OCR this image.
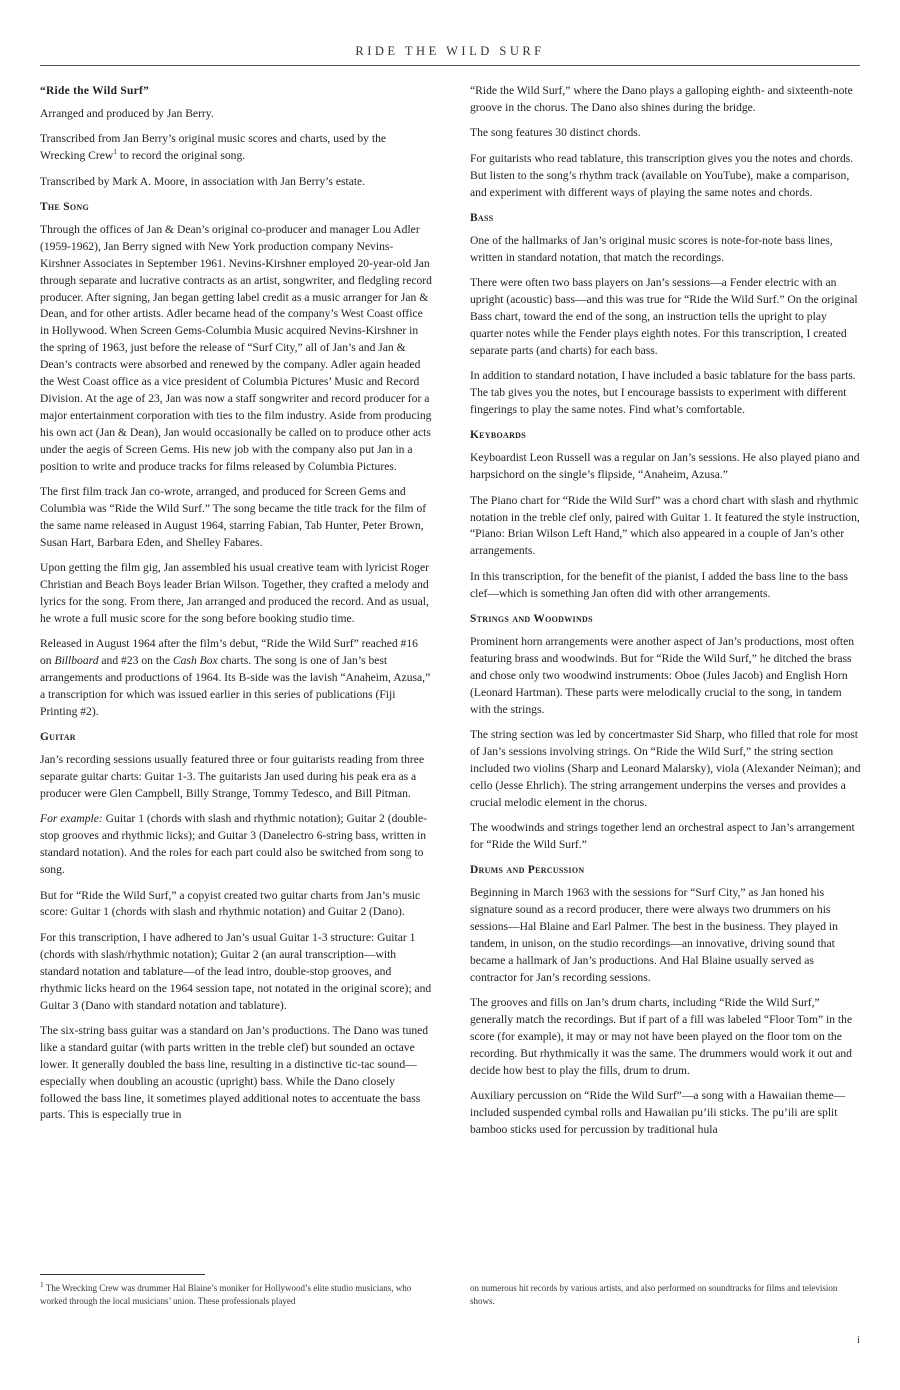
RIDE THE WILD SURF
“Ride the Wild Surf”

Arranged and produced by Jan Berry.

Transcribed from Jan Berry’s original music scores and charts, used by the Wrecking Crew$^1$ to record the original song.

Transcribed by Mark A. Moore, in association with Jan Berry’s estate.

The Song

Through the offices of Jan & Dean’s original co-producer and manager Lou Adler (1959-1962), Jan Berry signed with New York production company Nevins-Kirshner Associates in September 1961. Nevins-Kirshner employed 20-year-old Jan through separate and lucrative contracts as an artist, songwriter, and fledgling record producer. After signing, Jan began getting label credit as a music arranger for Jan & Dean, and for other artists. Adler became head of the company’s West Coast office in Hollywood. When Screen Gems-Columbia Music acquired Nevins-Kirshner in the spring of 1963, just before the release of “Surf City,” all of Jan’s and Jan & Dean’s contracts were absorbed and renewed by the company. Adler again headed the West Coast office as a vice president of Columbia Pictures’ Music and Record Division. At the age of 23, Jan was now a staff songwriter and record producer for a major entertainment corporation with ties to the film industry. Aside from producing his own act (Jan & Dean), Jan would occasionally be called on to produce other acts under the aegis of Screen Gems. His new job with the company also put Jan in a position to write and produce tracks for films released by Columbia Pictures.

The first film track Jan co-wrote, arranged, and produced for Screen Gems and Columbia was “Ride the Wild Surf.” The song became the title track for the film of the same name released in August 1964, starring Fabian, Tab Hunter, Peter Brown, Susan Hart, Barbara Eden, and Shelley Fabares.

Upon getting the film gig, Jan assembled his usual creative team with lyricist Roger Christian and Beach Boys leader Brian Wilson. Together, they crafted a melody and lyrics for the song. From there, Jan arranged and produced the record. And as usual, he wrote a full music score for the song before booking studio time.

Released in August 1964 after the film’s debut, “Ride the Wild Surf” reached #16 on Billboard and #23 on the Cash Box charts. The song is one of Jan’s best arrangements and productions of 1964. Its B-side was the lavish “Anaheim, Azusa,” a transcription for which was issued earlier in this series of publications (Fiji Printing #2).

Guitar

Jan’s recording sessions usually featured three or four guitarists reading from three separate guitar charts: Guitar 1-3. The guitarists Jan used during his peak era as a producer were Glen Campbell, Billy Strange, Tommy Tedesco, and Bill Pitman.

For example: Guitar 1 (chords with slash and rhythmic notation); Guitar 2 (double-stop grooves and rhythmic licks); and Guitar 3 (Danelectro 6-string bass, written in standard notation). And the roles for each part could also be switched from song to song.

But for “Ride the Wild Surf,” a copyist created two guitar charts from Jan’s music score: Guitar 1 (chords with slash and rhythmic notation) and Guitar 2 (Dano).

For this transcription, I have adhered to Jan’s usual Guitar 1-3 structure: Guitar 1 (chords with slash/rhythmic notation); Guitar 2 (an aural transcription—with standard notation and tablature—of the lead intro, double-stop grooves, and rhythmic licks heard on the 1964 session tape, not notated in the original score); and Guitar 3 (Dano with standard notation and tablature).

The six-string bass guitar was a standard on Jan’s productions. The Dano was tuned like a standard guitar (with parts written in the treble clef) but sounded an octave lower. It generally doubled the bass line, resulting in a distinctive tic-tac sound—especially when doubling an acoustic (upright) bass. While the Dano closely followed the bass line, it sometimes played additional notes to accentuate the bass parts. This is especially true in

“Ride the Wild Surf,” where the Dano plays a galloping eighth- and sixteenth-note groove in the chorus. The Dano also shines during the bridge.

The song features 30 distinct chords.

For guitarists who read tablature, this transcription gives you the notes and chords. But listen to the song’s rhythm track (available on YouTube), make a comparison, and experiment with different ways of playing the same notes and chords.

Bass

One of the hallmarks of Jan’s original music scores is note-for-note bass lines, written in standard notation, that match the recordings.

There were often two bass players on Jan’s sessions—a Fender electric with an upright (acoustic) bass—and this was true for “Ride the Wild Surf.” On the original Bass chart, toward the end of the song, an instruction tells the upright to play quarter notes while the Fender plays eighth notes. For this transcription, I created separate parts (and charts) for each bass.

In addition to standard notation, I have included a basic tablature for the bass parts. The tab gives you the notes, but I encourage bassists to experiment with different fingerings to play the same notes. Find what’s comfortable.

Keyboards

Keyboardist Leon Russell was a regular on Jan’s sessions. He also played piano and harpsichord on the single’s flipside, “Anaheim, Azusa.”

The Piano chart for “Ride the Wild Surf” was a chord chart with slash and rhythmic notation in the treble clef only, paired with Guitar 1. It featured the style instruction, “Piano: Brian Wilson Left Hand,” which also appeared in a couple of Jan’s other arrangements.

In this transcription, for the benefit of the pianist, I added the bass line to the bass clef—which is something Jan often did with other arrangements.

Strings and Woodwinds

Prominent horn arrangements were another aspect of Jan’s productions, most often featuring brass and woodwinds. But for “Ride the Wild Surf,” he ditched the brass and chose only two woodwind instruments: Oboe (Jules Jacob) and English Horn (Leonard Hartman). These parts were melodically crucial to the song, in tandem with the strings.

The string section was led by concertmaster Sid Sharp, who filled that role for most of Jan’s sessions involving strings. On “Ride the Wild Surf,” the string section included two violins (Sharp and Leonard Malarsky), viola (Alexander Neiman); and cello (Jesse Ehrlich). The string arrangement underpins the verses and provides a crucial melodic element in the chorus.

The woodwinds and strings together lend an orchestral aspect to Jan’s arrangement for “Ride the Wild Surf.”

Drums and Percussion

Beginning in March 1963 with the sessions for “Surf City,” as Jan honed his signature sound as a record producer, there were always two drummers on his sessions—Hal Blaine and Earl Palmer. The best in the business. They played in tandem, in unison, on the studio recordings—an innovative, driving sound that became a hallmark of Jan’s productions. And Hal Blaine usually served as contractor for Jan’s recording sessions.

The grooves and fills on Jan’s drum charts, including “Ride the Wild Surf,” generally match the recordings. But if part of a fill was labeled “Floor Tom” in the score (for example), it may or may not have been played on the floor tom on the recording. But rhythmically it was the same. The drummers would work it out and decide how best to play the fills, drum to drum.

Auxiliary percussion on “Ride the Wild Surf”—a song with a Hawaiian theme—included suspended cymbal rolls and Hawaiian pu’ili sticks. The pu’ili are split bamboo sticks used for percussion by traditional hula

$^1$ The Wrecking Crew was drummer Hal Blaine’s moniker for Hollywood’s elite studio musicians, who worked through the local musicians’ union. These professionals played
on numerous hit records by various artists, and also performed on soundtracks for films and television shows.
i
